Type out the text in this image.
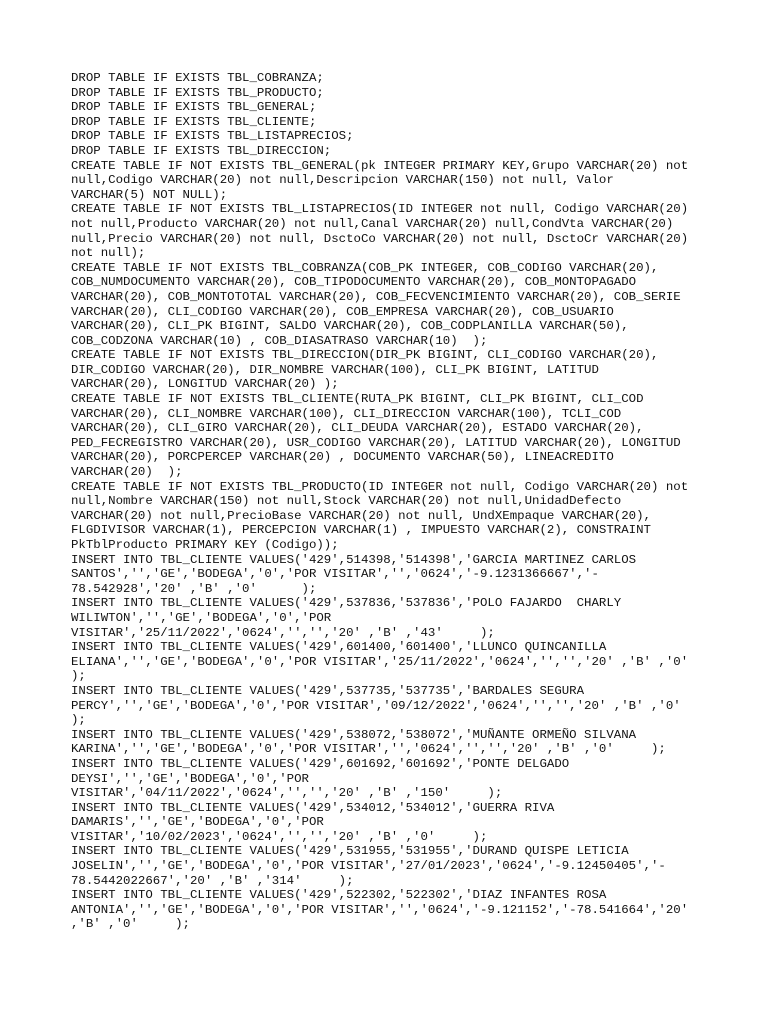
DROP TABLE IF EXISTS TBL_COBRANZA;
DROP TABLE IF EXISTS TBL_PRODUCTO;
DROP TABLE IF EXISTS TBL_GENERAL;
DROP TABLE IF EXISTS TBL_CLIENTE;
DROP TABLE IF EXISTS TBL_LISTAPRECIOS;
DROP TABLE IF EXISTS TBL_DIRECCION;
CREATE TABLE IF NOT EXISTS TBL_GENERAL(pk INTEGER PRIMARY KEY,Grupo VARCHAR(20) not
null,Codigo VARCHAR(20) not null,Descripcion VARCHAR(150) not null, Valor
VARCHAR(5) NOT NULL);
CREATE TABLE IF NOT EXISTS TBL_LISTAPRECIOS(ID INTEGER not null, Codigo VARCHAR(20)
not null,Producto VARCHAR(20) not null,Canal VARCHAR(20) null,CondVta VARCHAR(20)
null,Precio VARCHAR(20) not null, DsctoCo VARCHAR(20) not null, DsctoCr VARCHAR(20)
not null);
CREATE TABLE IF NOT EXISTS TBL_COBRANZA(COB_PK INTEGER, COB_CODIGO VARCHAR(20),
COB_NUMDOCUMENTO VARCHAR(20), COB_TIPODOCUMENTO VARCHAR(20), COB_MONTOPAGADO
VARCHAR(20), COB_MONTOTOTAL VARCHAR(20), COB_FECVENCIMIENTO VARCHAR(20), COB_SERIE
VARCHAR(20), CLI_CODIGO VARCHAR(20), COB_EMPRESA VARCHAR(20), COB_USUARIO
VARCHAR(20), CLI_PK BIGINT, SALDO VARCHAR(20), COB_CODPLANILLA VARCHAR(50),
COB_CODZONA VARCHAR(10) , COB_DIASATRASO VARCHAR(10)  );
CREATE TABLE IF NOT EXISTS TBL_DIRECCION(DIR_PK BIGINT, CLI_CODIGO VARCHAR(20),
DIR_CODIGO VARCHAR(20), DIR_NOMBRE VARCHAR(100), CLI_PK BIGINT, LATITUD
VARCHAR(20), LONGITUD VARCHAR(20) );
CREATE TABLE IF NOT EXISTS TBL_CLIENTE(RUTA_PK BIGINT, CLI_PK BIGINT, CLI_COD
VARCHAR(20), CLI_NOMBRE VARCHAR(100), CLI_DIRECCION VARCHAR(100), TCLI_COD
VARCHAR(20), CLI_GIRO VARCHAR(20), CLI_DEUDA VARCHAR(20), ESTADO VARCHAR(20),
PED_FECREGISTRO VARCHAR(20), USR_CODIGO VARCHAR(20), LATITUD VARCHAR(20), LONGITUD
VARCHAR(20), PORCPERCEP VARCHAR(20) , DOCUMENTO VARCHAR(50), LINEACREDITO
VARCHAR(20)  );
CREATE TABLE IF NOT EXISTS TBL_PRODUCTO(ID INTEGER not null, Codigo VARCHAR(20) not
null,Nombre VARCHAR(150) not null,Stock VARCHAR(20) not null,UnidadDefecto
VARCHAR(20) not null,PrecioBase VARCHAR(20) not null, UndXEmpaque VARCHAR(20),
FLGDIVISOR VARCHAR(1), PERCEPCION VARCHAR(1) , IMPUESTO VARCHAR(2), CONSTRAINT
PkTblProducto PRIMARY KEY (Codigo));
INSERT INTO TBL_CLIENTE VALUES('429',514398,'514398','GARCIA MARTINEZ CARLOS
SANTOS','','GE','BODEGA','0','POR VISITAR','','0624','-9.1231366667','-
78.542928','20' ,'B' ,'0'      );
INSERT INTO TBL_CLIENTE VALUES('429',537836,'537836','POLO FAJARDO  CHARLY
WILIWTON','','GE','BODEGA','0','POR
VISITAR','25/11/2022','0624','','','20' ,'B' ,'43'     );
INSERT INTO TBL_CLIENTE VALUES('429',601400,'601400','LLUNCO QUINCANILLA
ELIANA','','GE','BODEGA','0','POR VISITAR','25/11/2022','0624','','','20' ,'B' ,'0'
);
INSERT INTO TBL_CLIENTE VALUES('429',537735,'537735','BARDALES SEGURA
PERCY','','GE','BODEGA','0','POR VISITAR','09/12/2022','0624','','','20' ,'B' ,'0'
);
INSERT INTO TBL_CLIENTE VALUES('429',538072,'538072','MUÑANTE ORMEÑO SILVANA
KARINA','','GE','BODEGA','0','POR VISITAR','','0624','','','20' ,'B' ,'0'     );
INSERT INTO TBL_CLIENTE VALUES('429',601692,'601692','PONTE DELGADO
DEYSI','','GE','BODEGA','0','POR
VISITAR','04/11/2022','0624','','','20' ,'B' ,'150'     );
INSERT INTO TBL_CLIENTE VALUES('429',534012,'534012','GUERRA RIVA
DAMARIS','','GE','BODEGA','0','POR
VISITAR','10/02/2023','0624','','','20' ,'B' ,'0'     );
INSERT INTO TBL_CLIENTE VALUES('429',531955,'531955','DURAND QUISPE LETICIA
JOSELIN','','GE','BODEGA','0','POR VISITAR','27/01/2023','0624','-9.12450405','-
78.5442022667','20' ,'B' ,'314'     );
INSERT INTO TBL_CLIENTE VALUES('429',522302,'522302','DIAZ INFANTES ROSA
ANTONIA','','GE','BODEGA','0','POR VISITAR','','0624','-9.121152','-78.541664','20'
,'B' ,'0'     );
